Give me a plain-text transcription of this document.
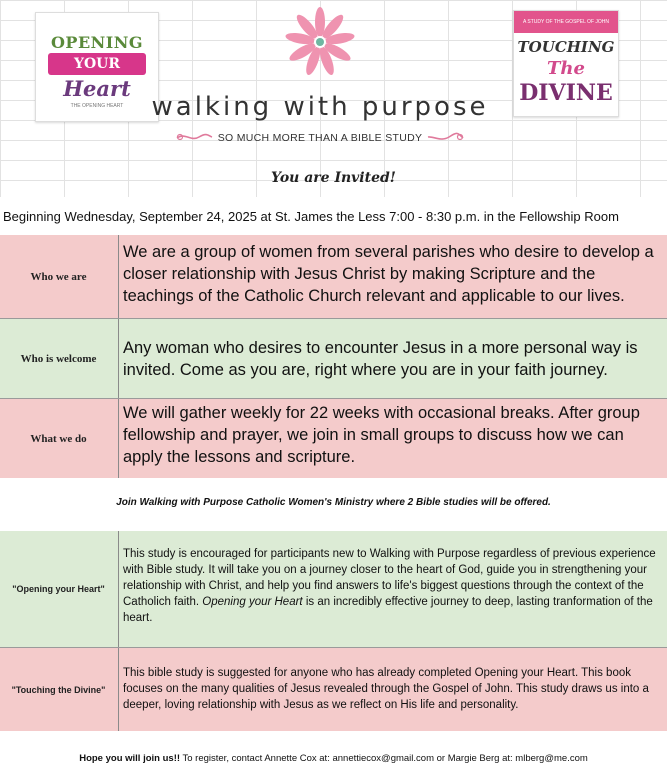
OPENING
YOUR
Heart
THE OPENING HEART
A STUDY OF THE GOSPEL OF JOHN
TOUCHING
The
DIVINE
walking with purpose
SO MUCH MORE THAN A BIBLE STUDY
You are Invited!
Beginning Wednesday, September 24, 2025 at St. James the Less 7:00 - 8:30 p.m. in the Fellowship Room
Who we are
We are a group of women from several parishes who desire to develop a closer relationship with Jesus Christ by making Scripture and the teachings of the Catholic Church relevant and applicable to our lives.
Who is welcome
Any woman who desires to encounter Jesus in a more personal way is invited. Come as you are, right where you are in your faith journey.
What we do
We will gather weekly for 22 weeks with occasional breaks. After group fellowship and prayer, we join in small groups to discuss how we can apply the lessons and scripture.
Join Walking with Purpose Catholic Women's Ministry where 2 Bible studies will be offered.
"Opening your Heart"
This study is encouraged for participants new to Walking with Purpose regardless of previous experience with Bible study. It will take you on a journey closer to the heart of God, guide you in strengthening your relationship with Christ, and help you find answers to life's biggest questions through the context of the Catholich faith. Opening your Heart is an incredibly effective journey to deep, lasting tranformation of the heart.
"Touching the Divine"
This bible study is suggested for anyone who has already completed Opening your Heart. This book focuses on the many qualities of Jesus revealed through the Gospel of John. This study draws us into a deeper, loving relationship with Jesus as we reflect on His life and personality.
Hope you will join us!! To register, contact Annette Cox at: annettiecox@gmail.com or Margie Berg at: mlberg@me.com
